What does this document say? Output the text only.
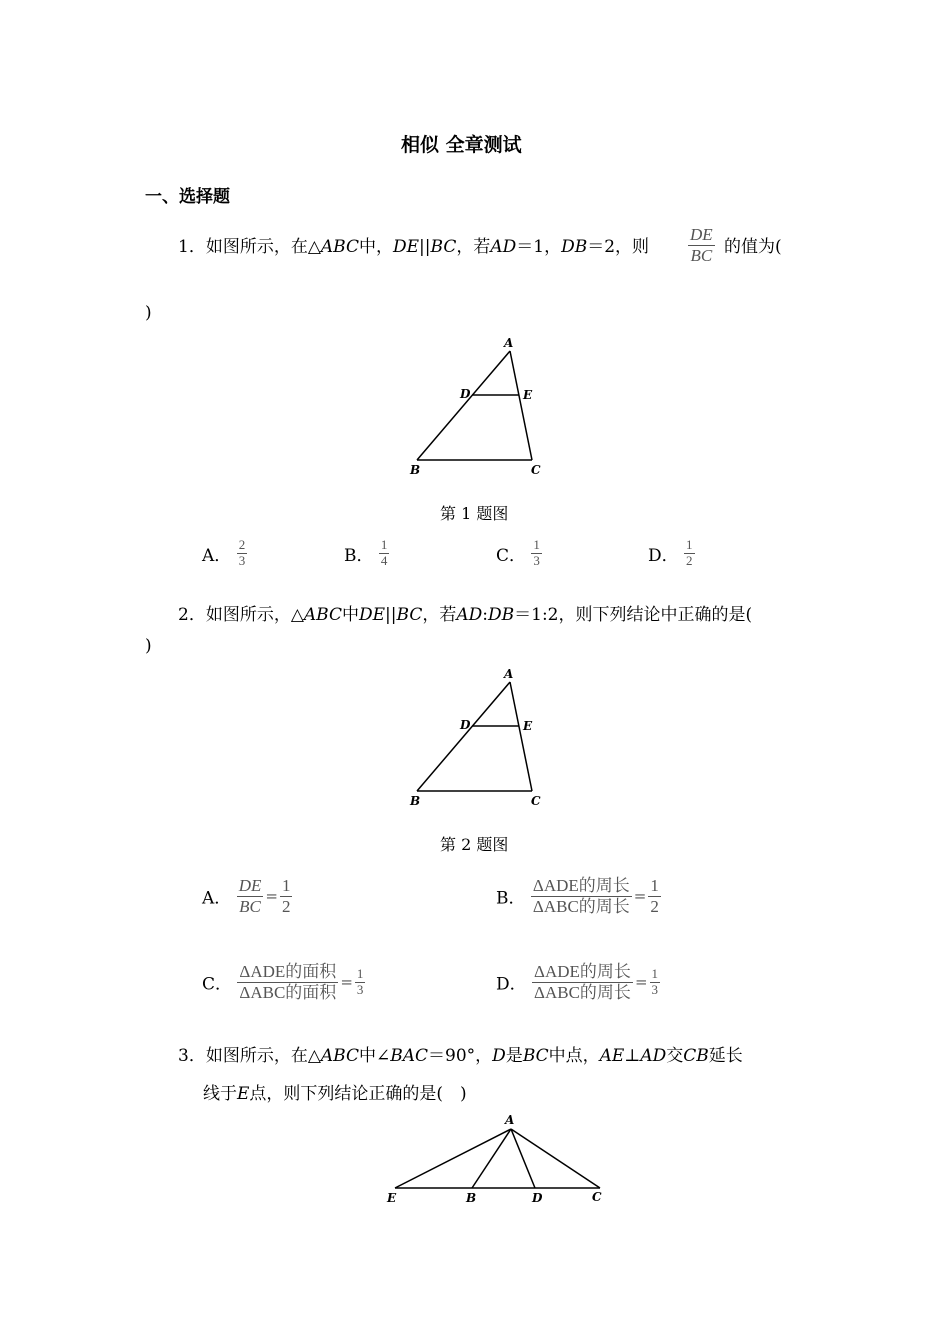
相似 全章测试
一、选择题
1．如图所示，在△ABC中，DE||BC，若AD＝1，DB＝2，则 $\frac{DE}{BC}$ 的值为(
)
A
D	E
B	C
第 1 题图
A． $\frac{2}{3}$	B． $\frac{1}{4}$	C． $\frac{1}{3}$	D． $\frac{1}{2}$
2．如图所示，△ABC中DE||BC，若AD:DB＝1:2，则下列结论中正确的是(
)
A
D	E
B	C
第 2 题图
A． $\frac{DE}{BC} = \frac{1}{2}$	B． $\frac{\text{ΔADE的周长}}{\text{ΔABC的周长}} = \frac{1}{2}$
C． $\frac{\text{ΔADE的面积}}{\text{ΔABC的面积}} = \frac{1}{3}$	D． $\frac{\text{ΔADE的周长}}{\text{ΔABC的周长}} = \frac{1}{3}$
3．如图所示，在△ABC中∠BAC＝90°，D是BC中点，AE⊥AD交CB延长
线于E点，则下列结论正确的是(　)
A
E	B	D	C
